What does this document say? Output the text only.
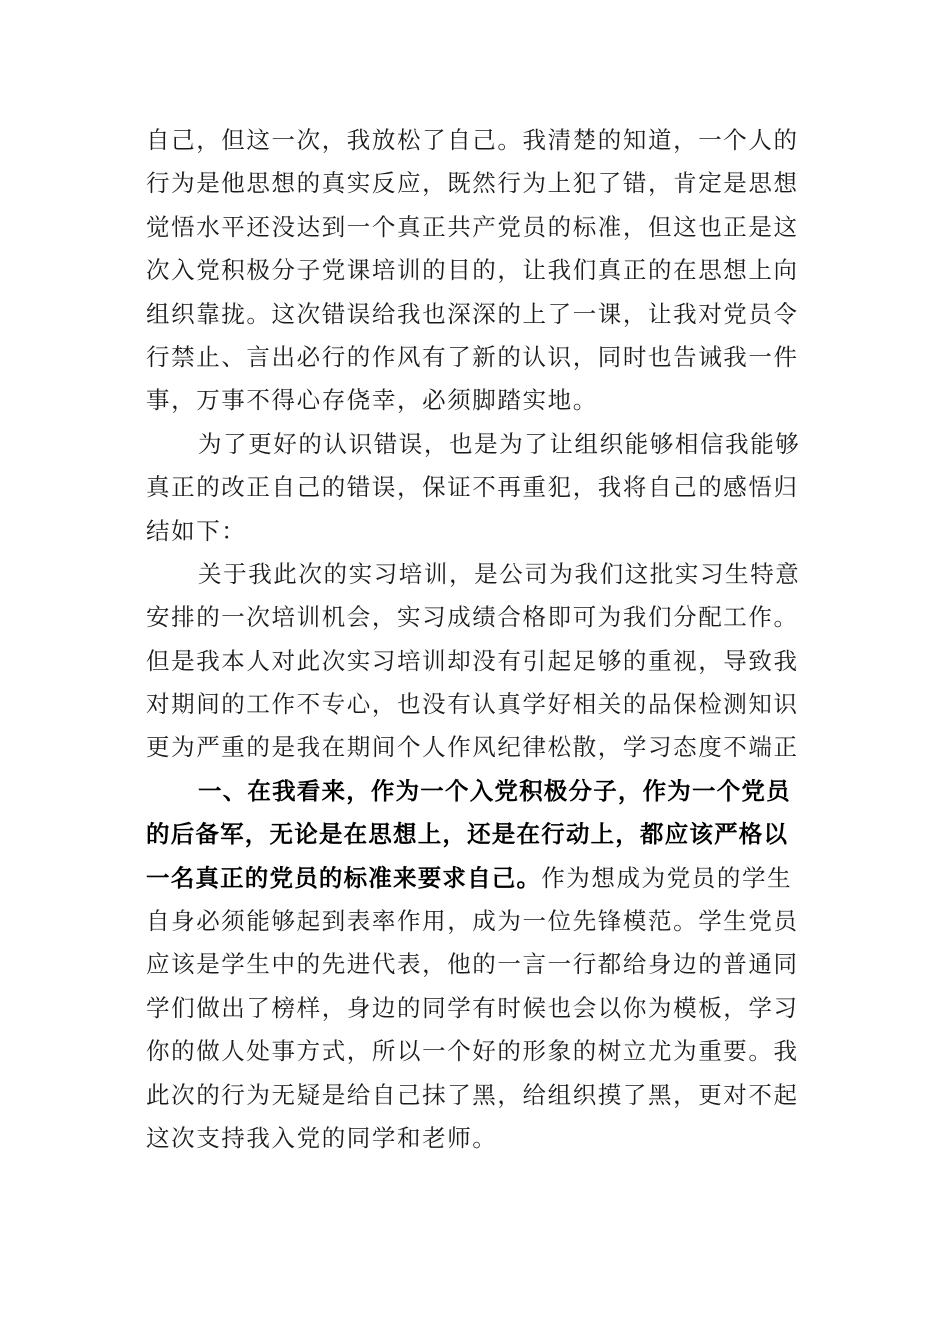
自己，但这一次，我放松了自己。我清楚的知道，一个人的
行为是他思想的真实反应，既然行为上犯了错，肯定是思想
觉悟水平还没达到一个真正共产党员的标准，但这也正是这
次入党积极分子党课培训的目的，让我们真正的在思想上向
组织靠拢。这次错误给我也深深的上了一课，让我对党员令
行禁止、言出必行的作风有了新的认识，同时也告诫我一件
事，万事不得心存侥幸，必须脚踏实地。
为了更好的认识错误，也是为了让组织能够相信我能够
真正的改正自己的错误，保证不再重犯，我将自己的感悟归
结如下：
关于我此次的实习培训，是公司为我们这批实习生特意
安排的一次培训机会，实习成绩合格即可为我们分配工作。
但是我本人对此次实习培训却没有引起足够的重视，导致我
对期间的工作不专心，也没有认真学好相关的品保检测知识
更为严重的是我在期间个人作风纪律松散，学习态度不端正
一、在我看来，作为一个入党积极分子，作为一个党员
的后备军，无论是在思想上，还是在行动上，都应该严格以
一名真正的党员的标准来要求自己。作为想成为党员的学生
自身必须能够起到表率作用，成为一位先锋模范。学生党员
应该是学生中的先进代表，他的一言一行都给身边的普通同
学们做出了榜样，身边的同学有时候也会以你为模板，学习
你的做人处事方式，所以一个好的形象的树立尤为重要。我
此次的行为无疑是给自己抹了黑，给组织摸了黑，更对不起
这次支持我入党的同学和老师。
